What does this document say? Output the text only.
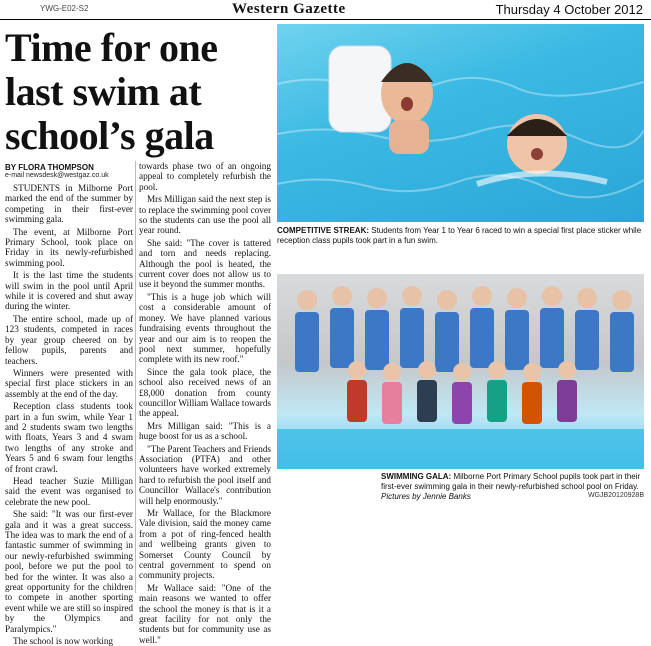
YWG-E02-S2	Western Gazette	Thursday 4 October 2012
Time for one last swim at school’s gala
BY FLORA THOMPSON
e-mail newsdesk@westgaz.co.uk

STUDENTS in Milborne Port marked the end of the summer by competing in their first-ever swimming gala.

The event, at Milborne Port Primary School, took place on Friday in its newly-refurbished swimming pool.

It is the last time the students will swim in the pool until April while it is covered and shut away during the winter.

The entire school, made up of 123 students, competed in races by year group cheered on by fellow pupils, parents and teachers.

Winners were presented with special first place stickers in an assembly at the end of the day.

Reception class students took part in a fun swim, while Year 1 and 2 students swam two lengths with floats, Years 3 and 4 swam two lengths of any stroke and Years 5 and 6 swam four lengths of front crawl.

Head teacher Suzie Milligan said the event was organised to celebrate the new pool.

She said: "It was our first-ever gala and it was a great success. The idea was to mark the end of a fantastic summer of swimming in our newly-refurbished swimming pool, before we put the pool to bed for the winter. It was also a great opportunity for the children to compete in another sporting event while we are still so inspired by the Olympics and Paralympics."

The school is now working

towards phase two of an ongoing appeal to completely refurbish the pool.

Mrs Milligan said the next step is to replace the swimming pool cover so the students can use the pool all year round.

She said: "The cover is tattered and torn and needs replacing. Although the pool is heated, the current cover does not allow us to use it beyond the summer months.

"This is a huge job which will cost a considerable amount of money. We have planned various fundraising events throughout the year and our aim is to reopen the pool next summer, hopefully complete with its new roof."

Since the gala took place, the school also received news of an £8,000 donation from county councillor William Wallace towards the appeal.

Mrs Milligan said: "This is a huge boost for us as a school.

"The Parent Teachers and Friends Association (PTFA) and other volunteers have worked extremely hard to refurbish the pool itself and Councillor Wallace's contribution will help enormously."

Mr Wallace, for the Blackmore Vale division, said the money came from a pot of ring-fenced health and wellbeing grants given to Somerset County Council by central government to spend on community projects.

Mr Wallace said: "One of the main reasons we wanted to offer the school the money is that is it a great facility for not only the students but for community use as well."

COMPETITIVE STREAK: Students from Year 1 to Year 6 raced to win a special first place sticker while reception class pupils took part in a fun swim.
SWIMMING GALA: Milborne Port Primary School pupils took part in their first-ever swimming gala in their newly-refurbished school pool on Friday. Pictures by Jennie Banks	WGJB20120928B
